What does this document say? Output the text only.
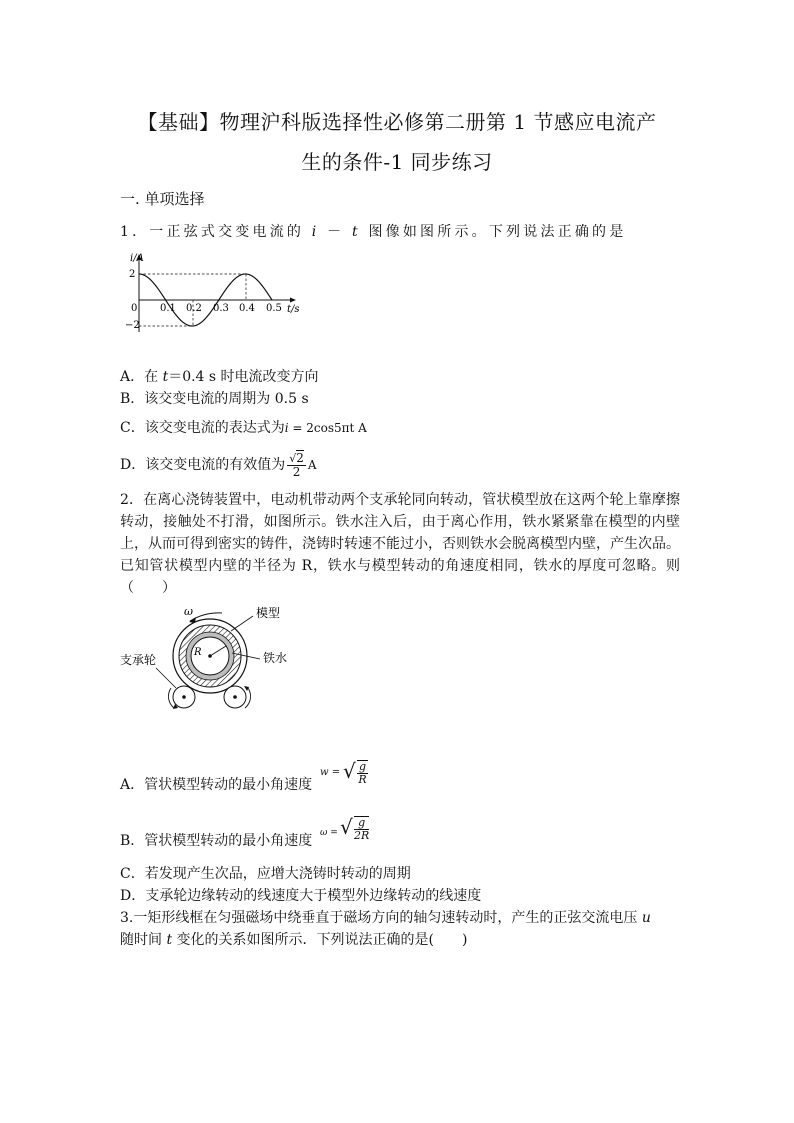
【基础】物理沪科版选择性必修第二册第 1 节感应电流产
生的条件-1 同步练习
一. 单项选择
1．一正弦式交变电流的 i － t 图像如图所示。下列说法正确的是
i/A
2
0
−2
0.1 0.2 0.3 0.4 0.5 t/s
A．在 t＝0.4 s 时电流改变方向
B．该交变电流的周期为 0.5 s
C．该交变电流的表达式为i = 2cos5πt A
D．该交变电流的有效值为 $\frac{√2}{2}$ A
2．在离心浇铸装置中，电动机带动两个支承轮同向转动，管状模型放在这两个轮上靠摩擦转动，接触处不打滑，如图所示。铁水注入后，由于离心作用，铁水紧紧靠在模型的内壁上，从而可得到密实的铸件，浇铸时转速不能过小，否则铁水会脱离模型内壁，产生次品。已知管状模型内壁的半径为 R，铁水与模型转动的角速度相同，铁水的厚度可忽略。则（　　）
ω
R
模型
铁水
支承轮
A．管状模型转动的最小角速度
w = √ $\frac{g}{R}$
B．管状模型转动的最小角速度 ω = √ $\frac{g}{2R}$
C．若发现产生次品，应增大浇铸时转动的周期
D．支承轮边缘转动的线速度大于模型外边缘转动的线速度
3.一矩形线框在匀强磁场中绕垂直于磁场方向的轴匀速转动时，产生的正弦交流电压 u
随时间 t 变化的关系如图所示．下列说法正确的是(　　)
